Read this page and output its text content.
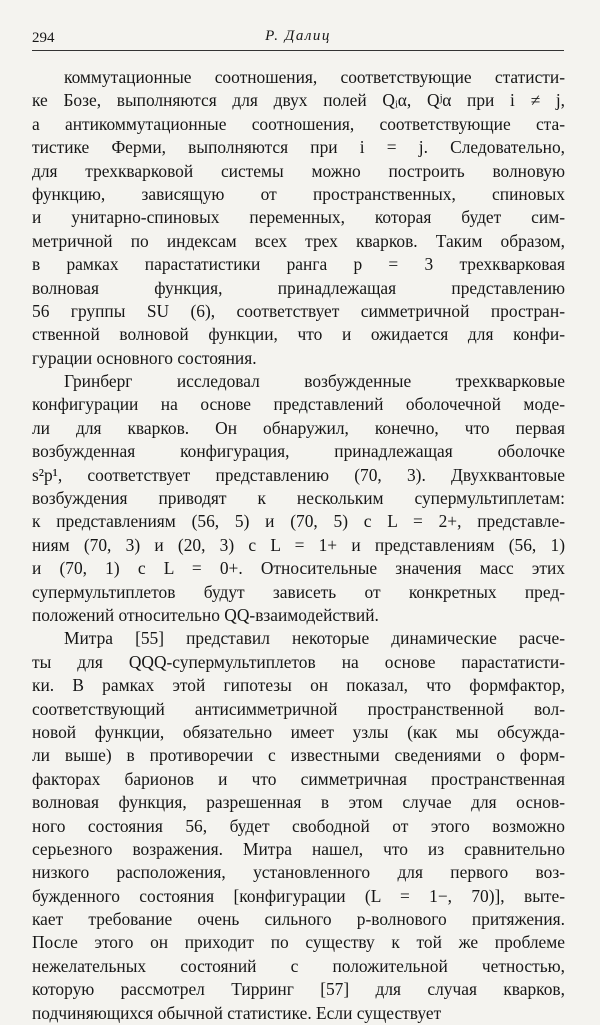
294	Р. Далиц
коммутационные соотношения, соответствующие статисти-
ке Бозе, выполняются для двух полей Qᵢα, Qʲα при i ≠ j,
а антикоммутационные соотношения, соответствующие ста-
тистике Ферми, выполняются при i = j. Следовательно,
для трехкварковой системы можно построить волновую
функцию, зависящую от пространственных, спиновых
и унитарно-спиновых переменных, которая будет сим-
метричной по индексам всех трех кварков. Таким образом,
в рамках парастатистики ранга p = 3 трехкварковая
волновая функция, принадлежащая представлению
56 группы SU (6), соответствует симметричной простран-
ственной волновой функции, что и ожидается для конфи-
гурации основного состояния.
Гринберг исследовал возбужденные трехкварковые
конфигурации на основе представлений оболочечной моде-
ли для кварков. Он обнаружил, конечно, что первая
возбужденная конфигурация, принадлежащая оболочке
s²p¹, соответствует представлению (70, 3). Двухквантовые
возбуждения приводят к нескольким супермультиплетам:
к представлениям (56, 5) и (70, 5) с L = 2+, представле-
ниям (70, 3) и (20, 3) с L = 1+ и представлениям (56, 1)
и (70, 1) с L = 0+. Относительные значения масс этих
супермультиплетов будут зависеть от конкретных пред-
положений относительно QQ-взаимодействий.
Митра [55] представил некоторые динамические расче-
ты для QQQ-супермультиплетов на основе парастатисти-
ки. В рамках этой гипотезы он показал, что формфактор,
соответствующий антисимметричной пространственной вол-
новой функции, обязательно имеет узлы (как мы обсужда-
ли выше) в противоречии с известными сведениями о форм-
факторах барионов и что симметричная пространственная
волновая функция, разрешенная в этом случае для основ-
ного состояния 56, будет свободной от этого возможно
серьезного возражения. Митра нашел, что из сравнительно
низкого расположения, установленного для первого воз-
бужденного состояния [конфигурации (L = 1−, 70)], выте-
кает требование очень сильного p-волнового притяжения.
После этого он приходит по существу к той же проблеме
нежелательных состояний с положительной четностью,
которую рассмотрел Тирринг [57] для случая кварков,
подчиняющихся обычной статистике. Если существует
